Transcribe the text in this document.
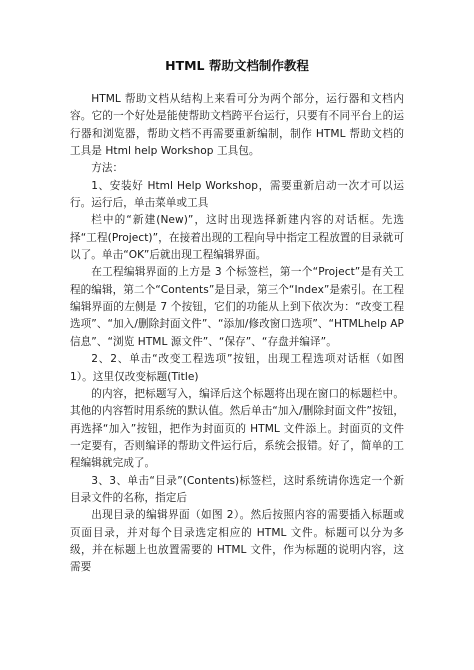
HTML 帮助文档制作教程

HTML 帮助文档从结构上来看可分为两个部分，运行器和文档内容。它的一个好处是能使帮助文档跨平台运行，只要有不同平台上的运行器和浏览器，帮助文档不再需要重新编制，制作 HTML 帮助文档的工具是 Html help Workshop 工具包。

方法：

1、安装好 Html Help Workshop，需要重新启动一次才可以运行。运行后，单击菜单或工具

栏中的“新建(New)”，这时出现选择新建内容的对话框。先选择“工程(Project)”，在接着出现的工程向导中指定工程放置的目录就可以了。单击“OK”后就出现工程编辑界面。

在工程编辑界面的上方是 3 个标签栏，第一个“Project”是有关工程的编辑，第二个“Contents”是目录，第三个“Index”是索引。在工程编辑界面的左侧是 7 个按钮，它们的功能从上到下依次为：“改变工程选项”、“加入/删除封面文件”、“添加/修改窗口选项”、“HTMLhelp AP 信息”、“浏览 HTML 源文件”、“保存”、“存盘并编译”。

2、2、单击“改变工程选项”按钮，出现工程选项对话框（如图 1）。这里仅改变标题(Title)

的内容，把标题写入，编译后这个标题将出现在窗口的标题栏中。其他的内容暂时用系统的默认值。然后单击“加入/删除封面文件”按钮，再选择“加入”按钮，把作为封面页的 HTML 文件添上。封面页的文件一定要有，否则编译的帮助文件运行后，系统会报错。好了，简单的工程编辑就完成了。

3、3、单击“目录”(Contents)标签栏，这时系统请你选定一个新目录文件的名称，指定后

出现目录的编辑界面（如图 2）。然后按照内容的需要插入标题或页面目录，并对每个目录选定相应的 HTML 文件。标题可以分为多级，并在标题上也放置需要的 HTML 文件，作为标题的说明内容，这需要
